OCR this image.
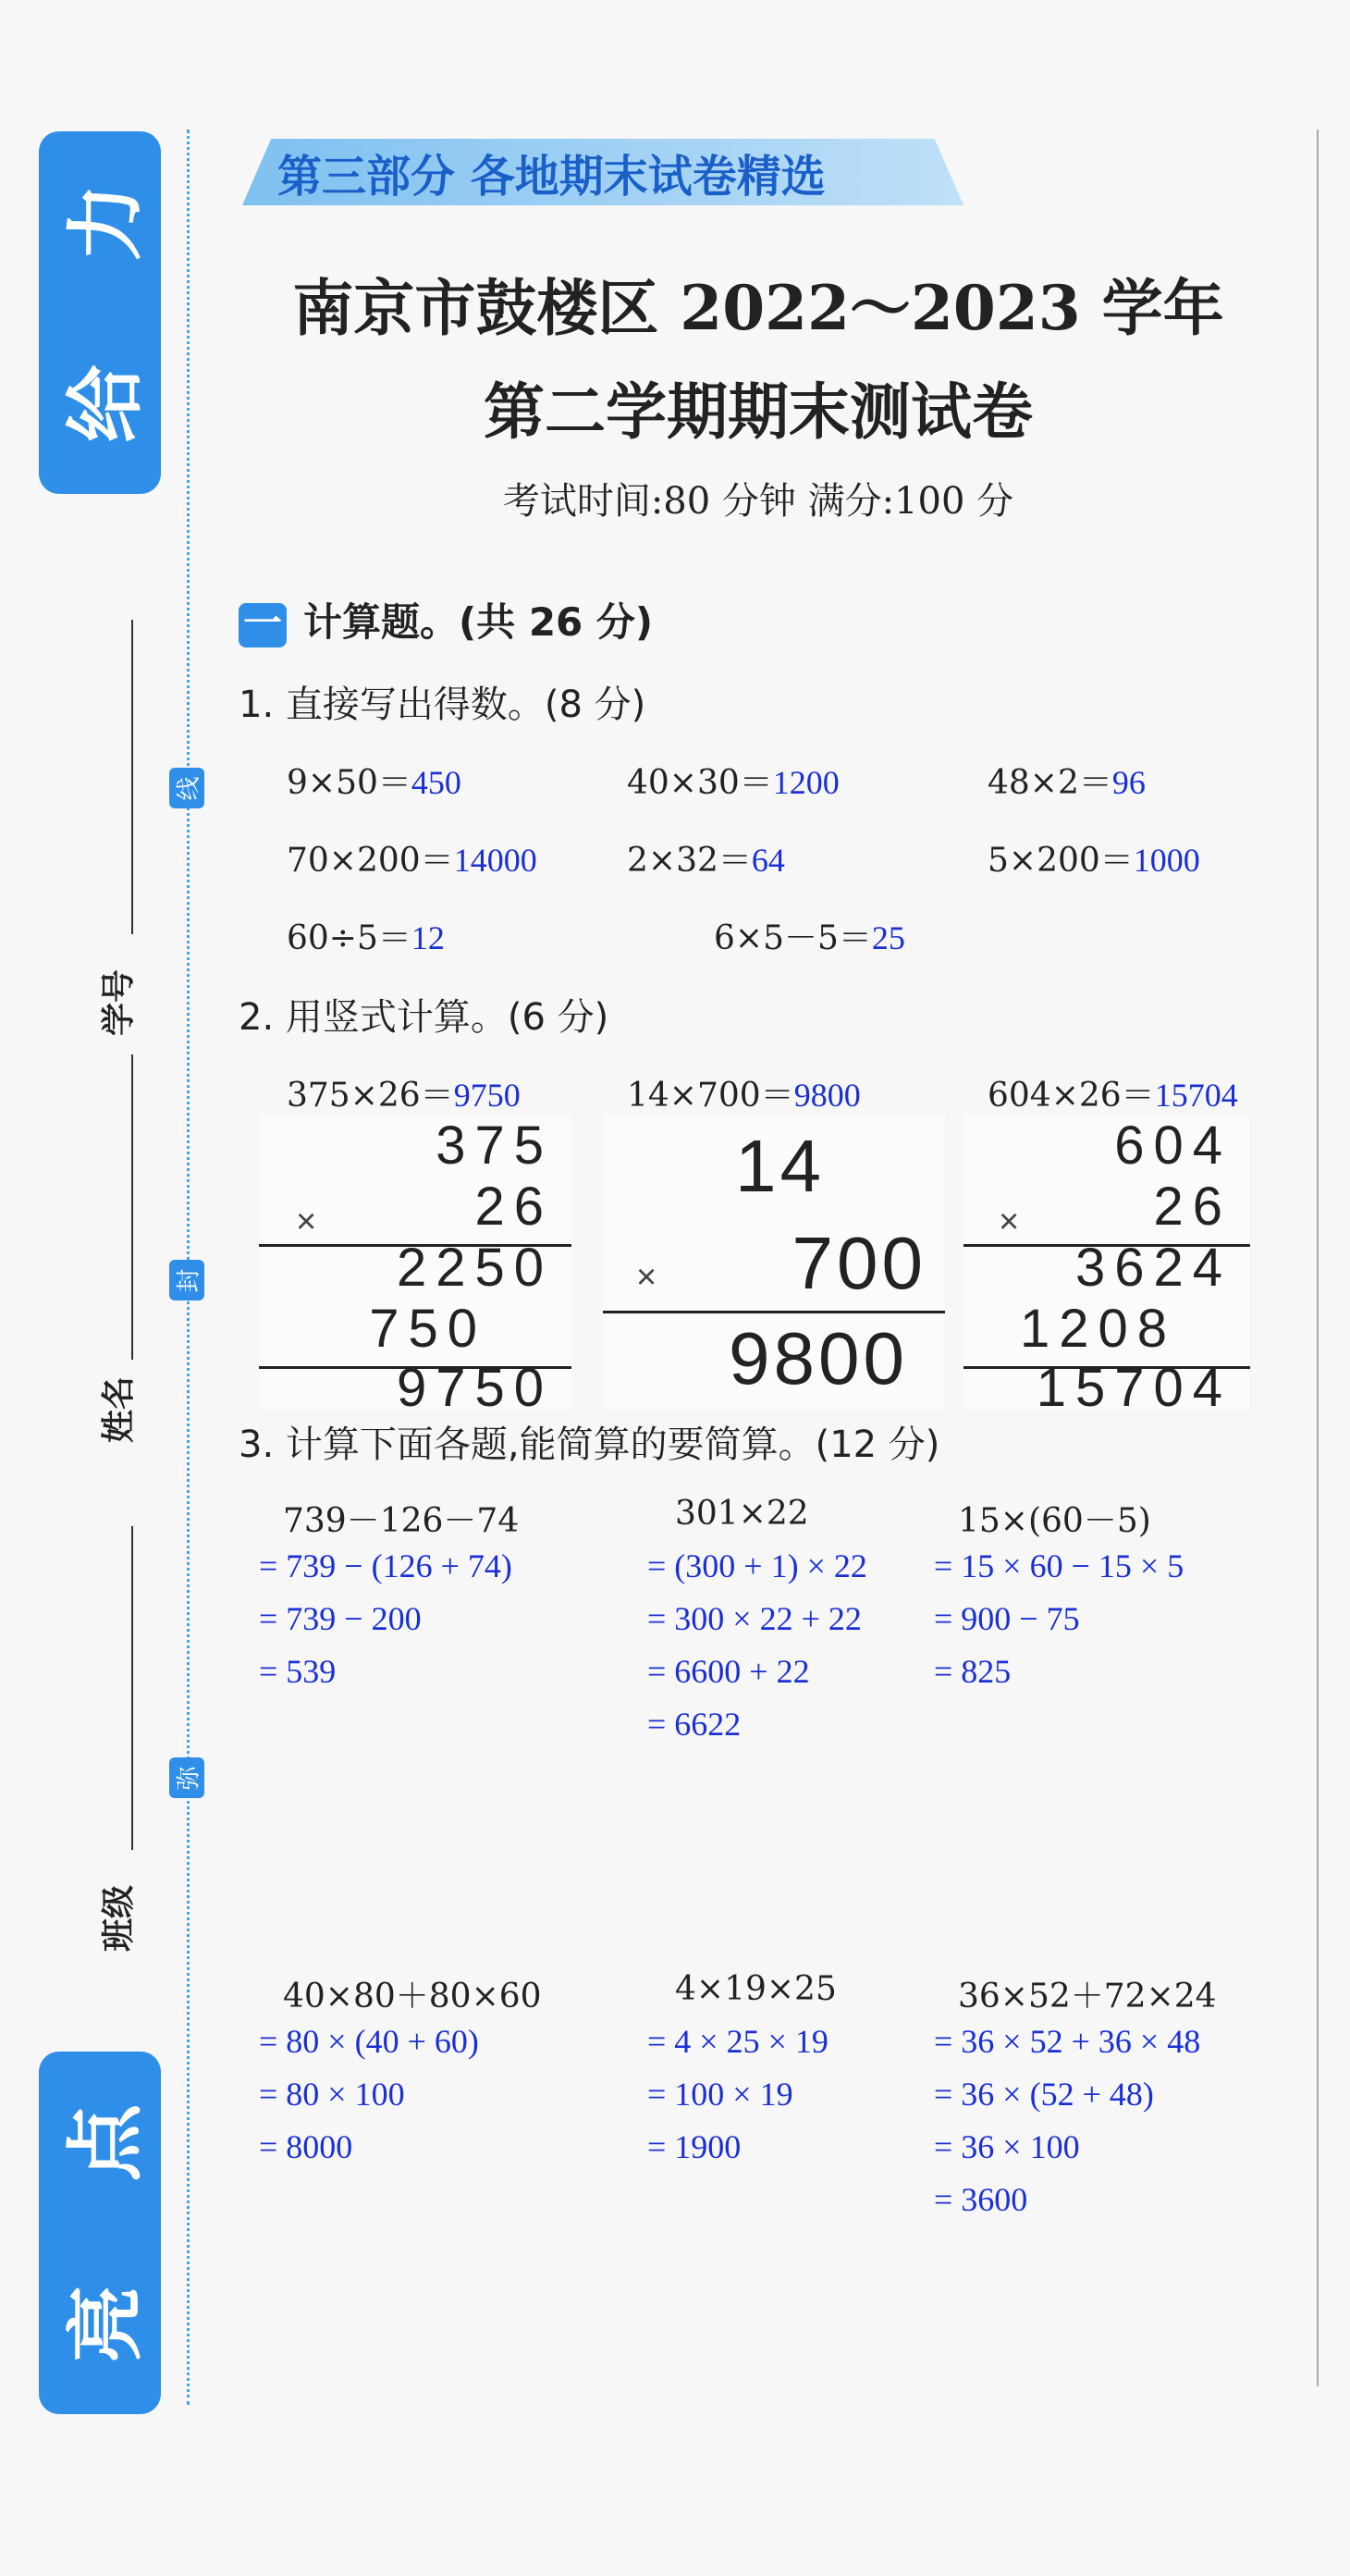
力
给
点
亮
线
封
弥
学号
姓名
班级
第三部分 各地期末试卷精选
南京市鼓楼区 2022～2023 学年
第二学期期末测试卷
考试时间:80 分钟 满分:100 分
一 计算题。(共 26 分)
1. 直接写出得数。(8 分)
9×50＝450	40×30＝1200	48×2＝96
70×200＝14000	2×32＝64	5×200＝1000
60÷5＝12	6×5－5＝25
2. 用竖式计算。(6 分)
375×26＝9750	14×700＝9800	604×26＝15704
375
×	26
2250
750
9750
14
× 700
9800
604
×	26
3624
1208
15704
3. 计算下面各题,能简算的要简算。(12 分)
739－126－74
= 739 − (126 + 74)
= 739 − 200
= 539
301×22
= (300 + 1) × 22
= 300 × 22 + 22
= 6600 + 22
= 6622
15×(60－5)
= 15 × 60 − 15 × 5
= 900 − 75
= 825
40×80＋80×60
= 80 × (40 + 60)
= 80 × 100
= 8000
4×19×25
= 4 × 25 × 19
= 100 × 19
= 1900
36×52＋72×24
= 36 × 52 + 36 × 48
= 36 × (52 + 48)
= 36 × 100
= 3600
